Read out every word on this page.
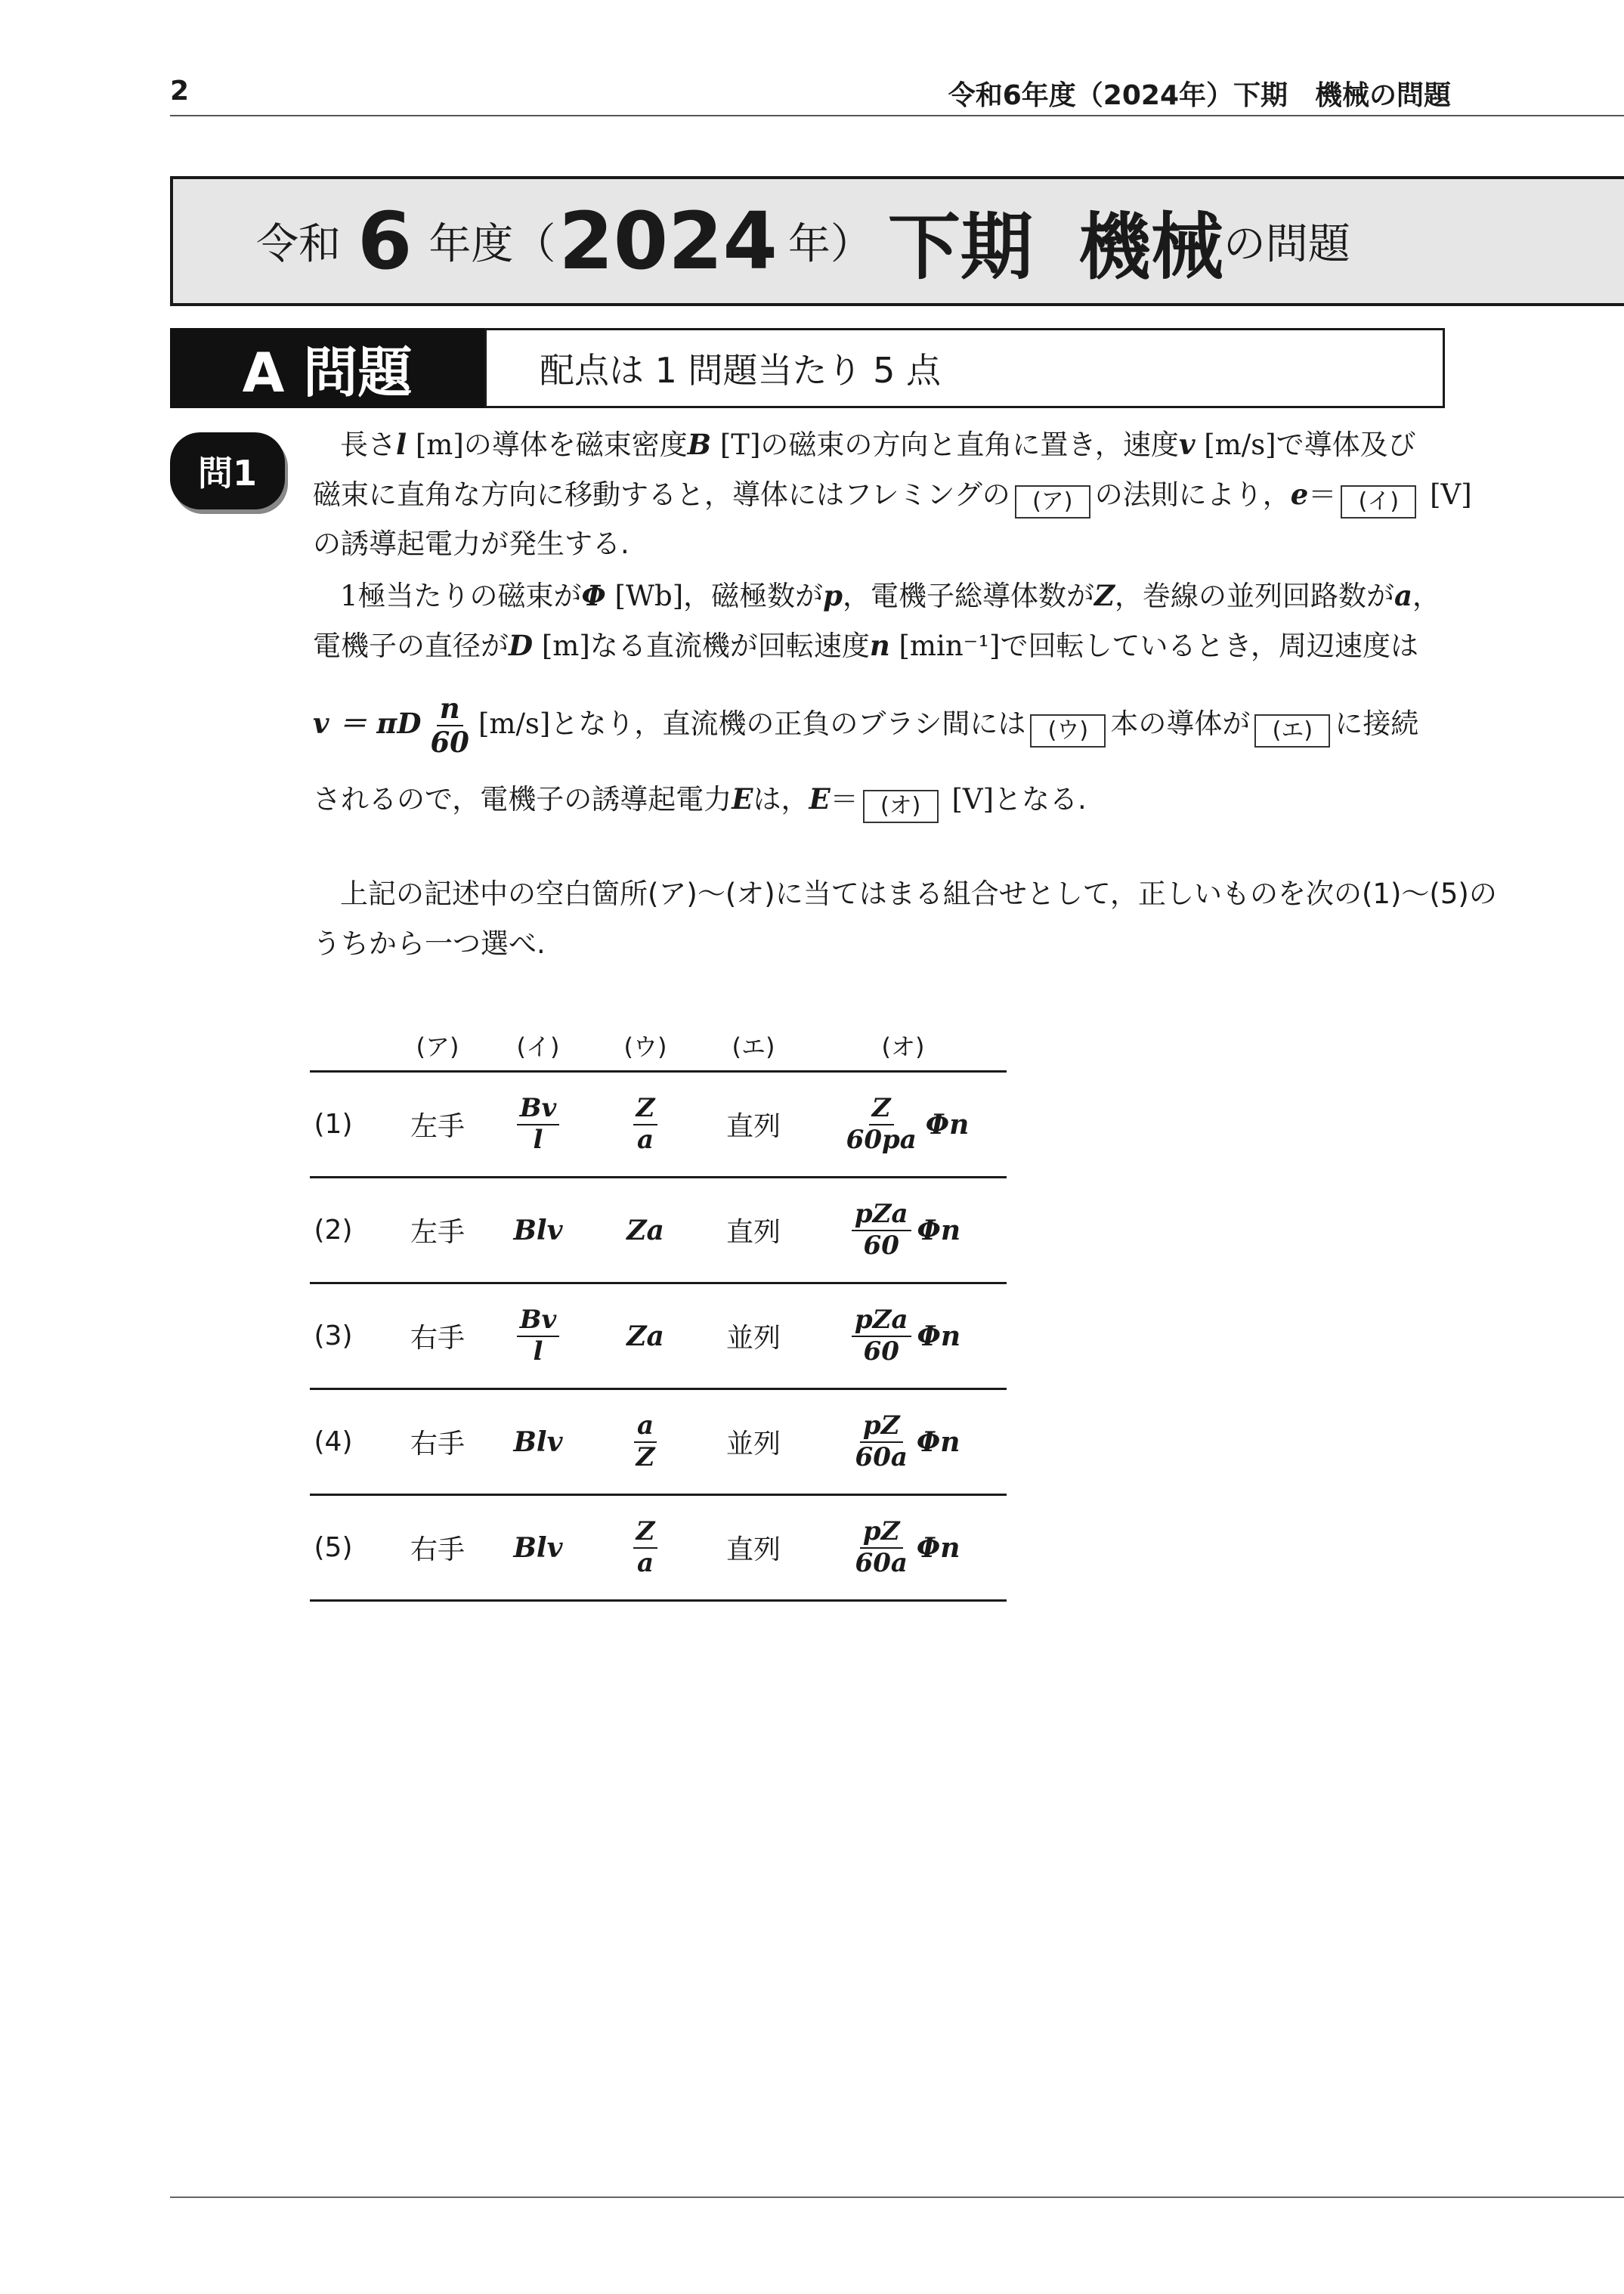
2	令和6年度（2024年）下期　機械の問題
令和 6 年度（ 2024 年） 下期 機械 の問題
A 問題	配点は 1 問題当たり 5 点
問1
長さl [m]の導体を磁束密度B [T]の磁束の方向と直角に置き，速度v [m/s]で導体及び
磁束に直角な方向に移動すると，導体にはフレミングの (ア) の法則により，e＝ (イ) [V]
の誘導起電力が発生する.
1極当たりの磁束がΦ [Wb]，磁極数がp，電機子総導体数がZ，巻線の並列回路数がa，
電機子の直径がD [m]なる直流機が回転速度n [min⁻¹]で回転しているとき，周辺速度は
v ＝ πD $\frac{n}{60} [m/s]$となり，直流機の正負のブラシ間には (ウ) 本の導体が (エ) に接続
されるので，電機子の誘導起電力Eは，E＝ (オ) [V]となる.
上記の記述中の空白箇所(ア)〜(オ)に当てはまる組合せとして，正しいものを次の(1)〜(5)の
うちから一つ選べ.
(ア)	(イ)	(ウ)	(エ)	(オ)
(1)	左手	$\frac{Bv}{l}$	$\frac{Z}{a}$	直列	$\frac{Z}{60pa}$ Φn
(2)	左手	Blv	Za	直列	$\frac{\text{pZa}}{60}$ Φn
(3)	右手	$\frac{Bv}{l}$	Za	並列	$\frac{\text{pZa}}{60}$ Φn
(4)	右手	Blv	$\frac{a}{Z}$	並列	$\frac{pZ}{60a}$ Φn
(5)	右手	Blv	$\frac{Z}{a}$	直列	$\frac{pZ}{60a}$ Φn
